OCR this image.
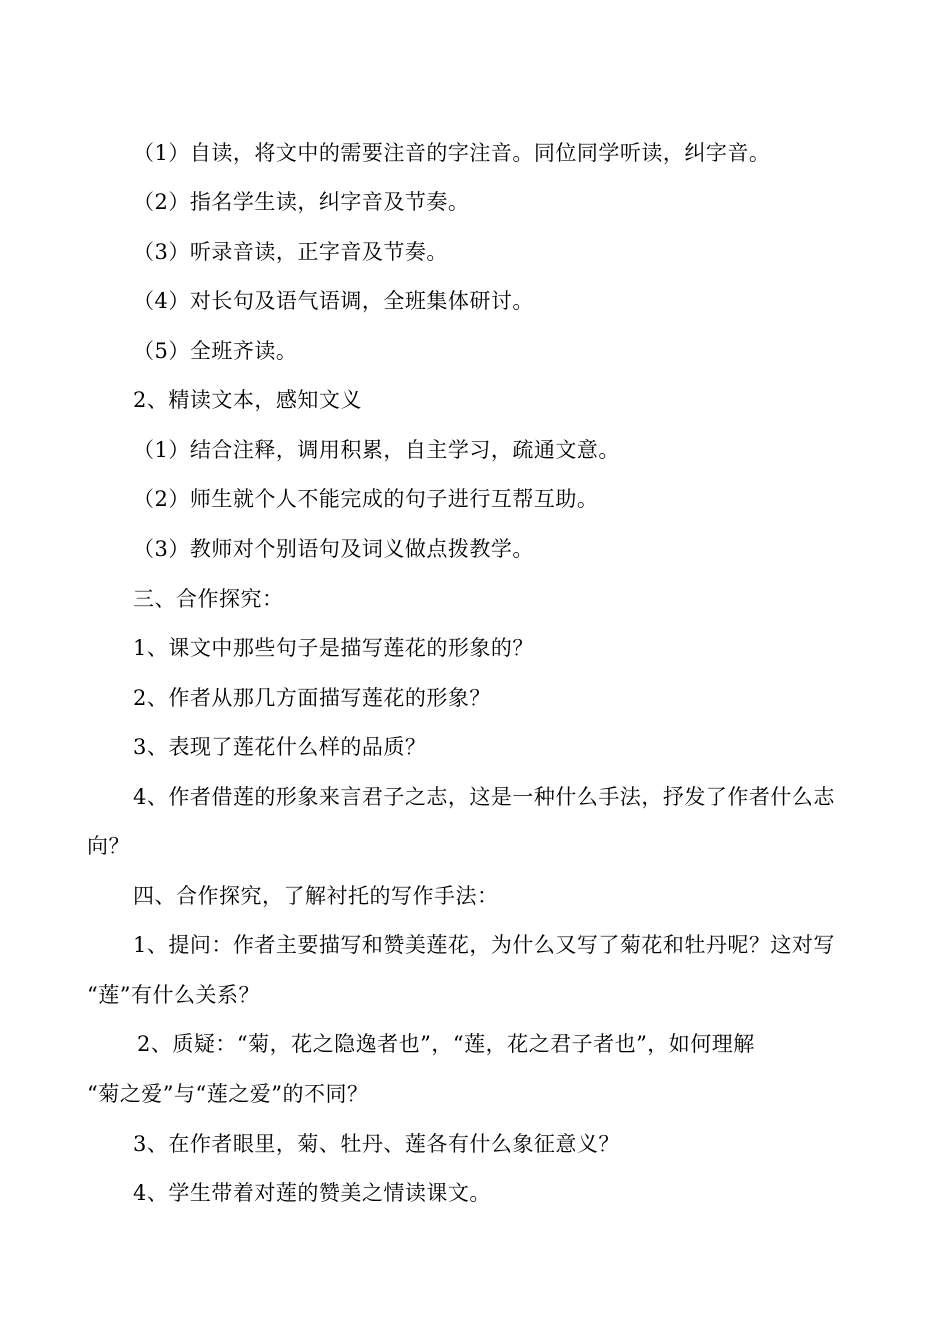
（1）自读，将文中的需要注音的字注音。同位同学听读，纠字音。
（2）指名学生读，纠字音及节奏。
（3）听录音读，正字音及节奏。
（4）对长句及语气语调，全班集体研讨。
（5）全班齐读。
2、精读文本，感知文义
（1）结合注释，调用积累，自主学习，疏通文意。
（2）师生就个人不能完成的句子进行互帮互助。
（3）教师对个别语句及词义做点拨教学。
三、合作探究：
1、课文中那些句子是描写莲花的形象的？
2、作者从那几方面描写莲花的形象？
3、表现了莲花什么样的品质？
4、作者借莲的形象来言君子之志，这是一种什么手法，抒发了作者什么志
向？
四、合作探究，了解衬托的写作手法：
1、提问：作者主要描写和赞美莲花，为什么又写了菊花和牡丹呢？这对写
“莲”有什么关系？
2、质疑：“菊，花之隐逸者也”，“莲，花之君子者也”，如何理解
“菊之爱”与“莲之爱”的不同？
3、在作者眼里，菊、牡丹、莲各有什么象征意义？
4、学生带着对莲的赞美之情读课文。
